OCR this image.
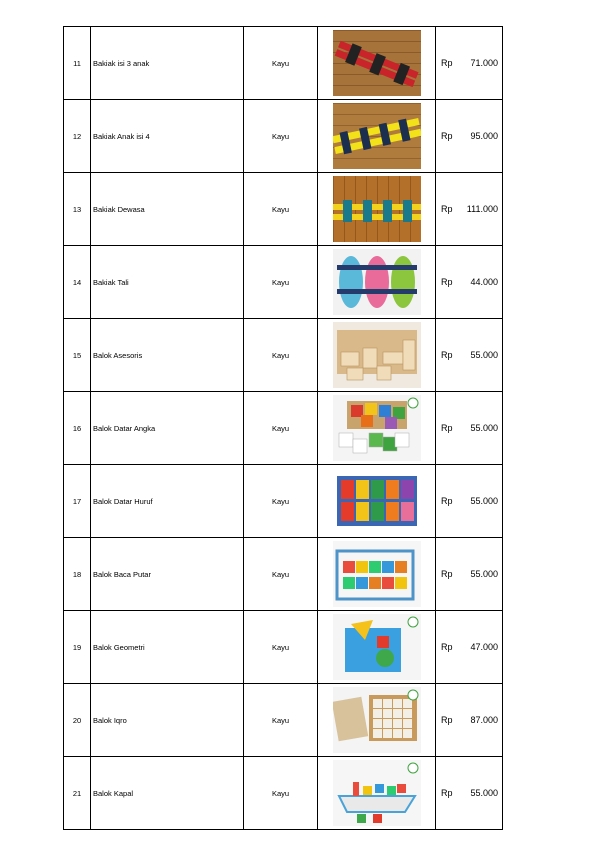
11	Bakiak isi 3 anak	Kayu		Rp 71.000

12	Bakiak Anak isi 4	Kayu		Rp 95.000

13	Bakiak Dewasa	Kayu		Rp 111.000

14	Bakiak Tali	Kayu		Rp 44.000

15	Balok Asesoris	Kayu		Rp 55.000

16	Balok Datar Angka	Kayu		Rp 55.000

17	Balok Datar Huruf	Kayu		Rp 55.000

18	Balok Baca Putar	Kayu		Rp 55.000

19	Balok Geometri	Kayu		Rp 47.000

20	Balok Iqro	Kayu		Rp 87.000

21	Balok Kapal	Kayu		Rp 55.000
